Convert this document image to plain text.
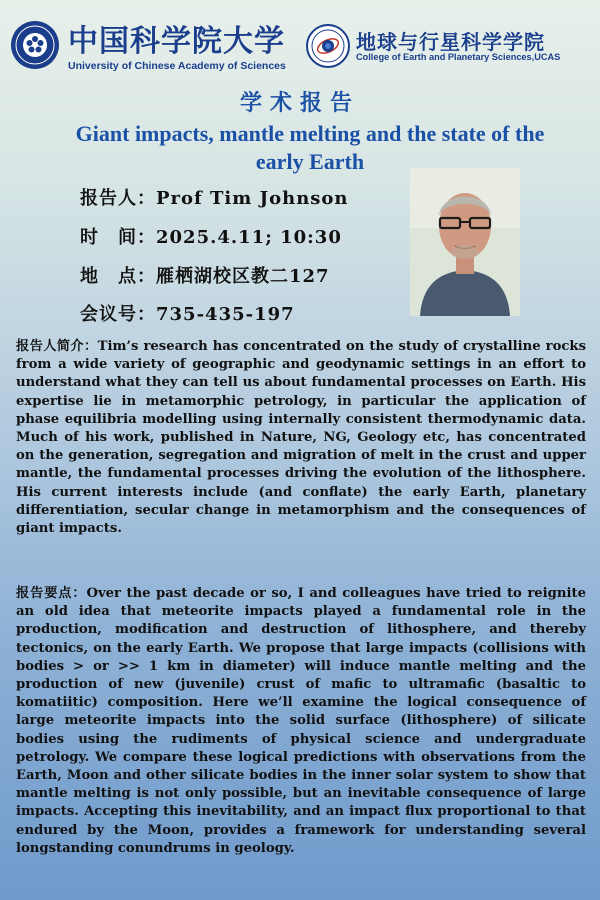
中国科学院大学
University of Chinese Academy of Sciences
地球与行星科学学院
College of Earth and Planetary Sciences,UCAS
学术报告
Giant impacts, mantle melting and the state of the early Earth
报告人：Prof Tim Johnson
时　间：2025.4.11; 10:30
地　点：雁栖湖校区教二127
会议号：735-435-197
报告人简介：Tim’s research has concentrated on the study of crystalline rocks from a wide variety of geographic and geodynamic settings in an effort to understand what they can tell us about fundamental processes on Earth. His expertise lie in metamorphic petrology, in particular the application of phase equilibria modelling using internally consistent thermodynamic data. Much of his work, published in Nature, NG, Geology etc, has concentrated on the generation, segregation and migration of melt in the crust and upper mantle, the fundamental processes driving the evolution of the lithosphere. His current interests include (and conflate) the early Earth, planetary differentiation, secular change in metamorphism and the consequences of giant impacts.
报告要点：Over the past decade or so, I and colleagues have tried to reignite an old idea that meteorite impacts played a fundamental role in the production, modification and destruction of lithosphere, and thereby tectonics, on the early Earth. We propose that large impacts (collisions with bodies > or >> 1 km in diameter) will induce mantle melting and the production of new (juvenile) crust of mafic to ultramafic (basaltic to komatiitic) composition. Here we’ll examine the logical consequence of large meteorite impacts into the solid surface (lithosphere) of silicate bodies using the rudiments of physical science and undergraduate petrology. We compare these logical predictions with observations from the Earth, Moon and other silicate bodies in the inner solar system to show that mantle melting is not only possible, but an inevitable consequence of large impacts. Accepting this inevitability, and an impact flux proportional to that endured by the Moon, provides a framework for understanding several longstanding conundrums in geology.
